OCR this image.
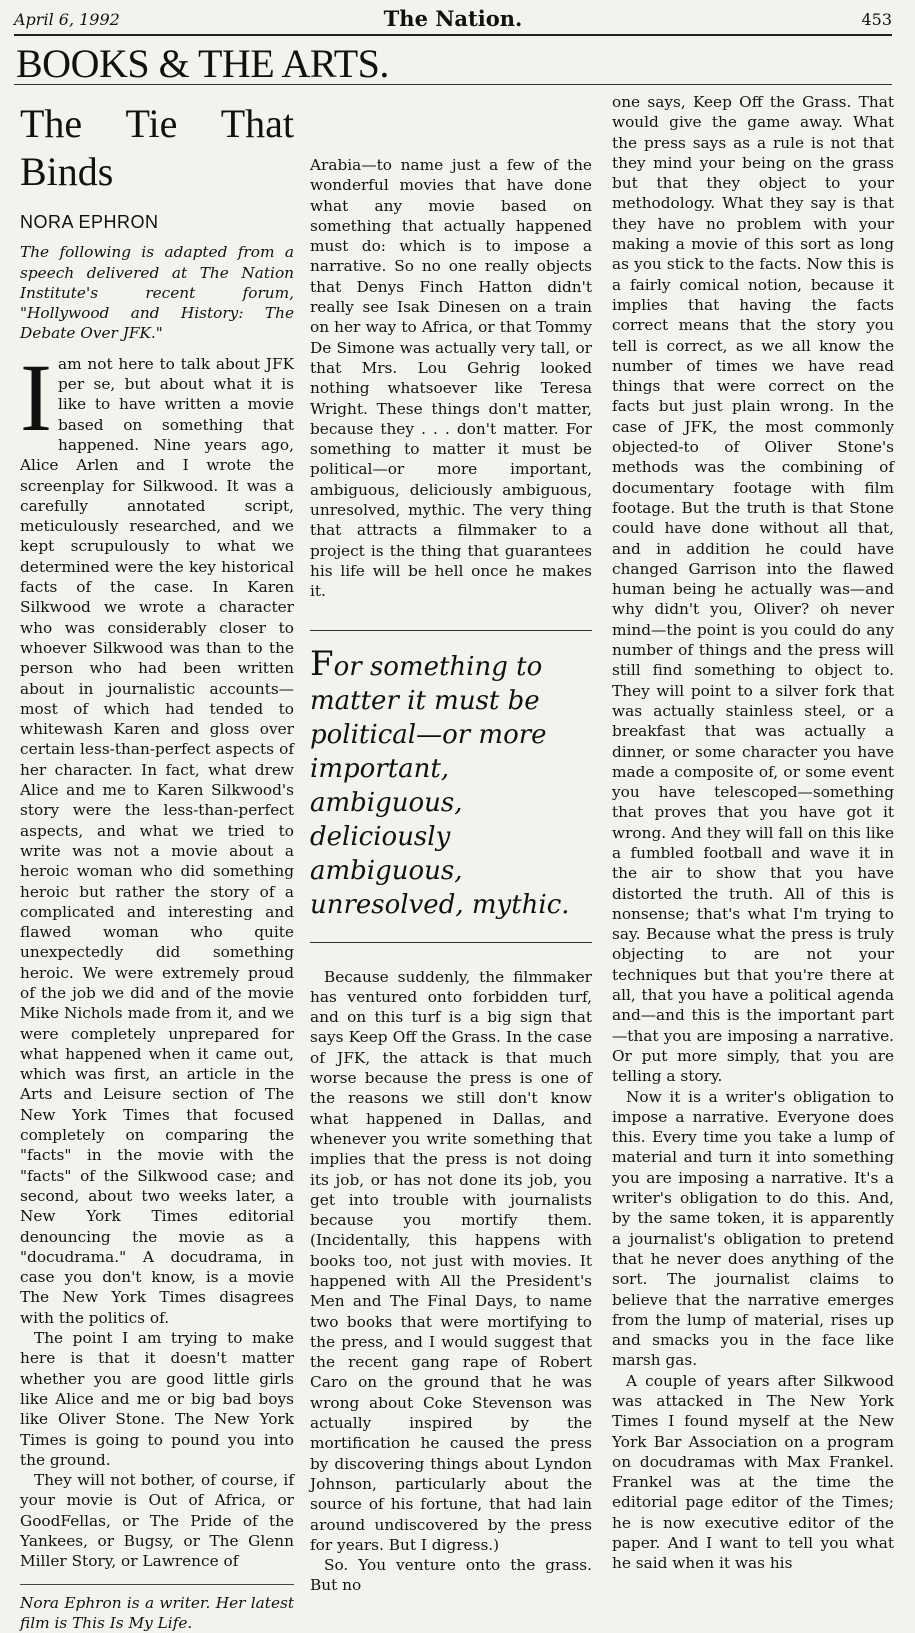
April 6, 1992	The Nation.	453
BOOKS & THE ARTS.
The Tie That Binds
NORA EPHRON
The following is adapted from a speech delivered at The Nation Institute's recent forum, "Hollywood and History: The Debate Over JFK."

Iam not here to talk about JFK per se, but about what it is like to have written a movie based on something that happened. Nine years ago, Alice Arlen and I wrote the screenplay for Silkwood. It was a carefully annotated script, meticulously researched, and we kept scrupulously to what we determined were the key historical facts of the case. In Karen Silkwood we wrote a character who was considerably closer to whoever Silkwood was than to the person who had been written about in journalistic accounts—most of which had tended to whitewash Karen and gloss over certain less-than-perfect aspects of her character. In fact, what drew Alice and me to Karen Silkwood's story were the less-than-perfect aspects, and what we tried to write was not a movie about a heroic woman who did something heroic but rather the story of a complicated and interesting and flawed woman who quite unexpectedly did something heroic. We were extremely proud of the job we did and of the movie Mike Nichols made from it, and we were completely unprepared for what happened when it came out, which was first, an article in the Arts and Leisure section of The New York Times that focused completely on comparing the "facts" in the movie with the "facts" of the Silkwood case; and second, about two weeks later, a New York Times editorial denouncing the movie as a "docudrama." A docudrama, in case you don't know, is a movie The New York Times disagrees with the politics of.

The point I am trying to make here is that it doesn't matter whether you are good little girls like Alice and me or big bad boys like Oliver Stone. The New York Times is going to pound you into the ground.

They will not bother, of course, if your movie is Out of Africa, or GoodFellas, or The Pride of the Yankees, or Bugsy, or The Glenn Miller Story, or Lawrence of

Nora Ephron is a writer. Her latest film is This Is My Life.

Arabia—to name just a few of the wonderful movies that have done what any movie based on something that actually happened must do: which is to impose a narrative. So no one really objects that Denys Finch Hatton didn't really see Isak Dinesen on a train on her way to Africa, or that Tommy De Simone was actually very tall, or that Mrs. Lou Gehrig looked nothing whatsoever like Teresa Wright. These things don't matter, because they . . . don't matter. For something to matter it must be political—or more important, ambiguous, deliciously ambiguous, unresolved, mythic. The very thing that attracts a filmmaker to a project is the thing that guarantees his life will be hell once he makes it.

For something to matter it must be political—or more important, ambiguous, deliciously ambiguous, unresolved, mythic.

Because suddenly, the filmmaker has ventured onto forbidden turf, and on this turf is a big sign that says Keep Off the Grass. In the case of JFK, the attack is that much worse because the press is one of the reasons we still don't know what happened in Dallas, and whenever you write something that implies that the press is not doing its job, or has not done its job, you get into trouble with journalists because you mortify them. (Incidentally, this happens with books too, not just with movies. It happened with All the President's Men and The Final Days, to name two books that were mortifying to the press, and I would suggest that the recent gang rape of Robert Caro on the ground that he was wrong about Coke Stevenson was actually inspired by the mortification he caused the press by discovering things about Lyndon Johnson, particularly about the source of his fortune, that had lain around undiscovered by the press for years. But I digress.)

So. You venture onto the grass. But no

one says, Keep Off the Grass. That would give the game away. What the press says as a rule is not that they mind your being on the grass but that they object to your methodology. What they say is that they have no problem with your making a movie of this sort as long as you stick to the facts. Now this is a fairly comical notion, because it implies that having the facts correct means that the story you tell is correct, as we all know the number of times we have read things that were correct on the facts but just plain wrong. In the case of JFK, the most commonly objected-to of Oliver Stone's methods was the combining of documentary footage with film footage. But the truth is that Stone could have done without all that, and in addition he could have changed Garrison into the flawed human being he actually was—and why didn't you, Oliver? oh never mind—the point is you could do any number of things and the press will still find something to object to. They will point to a silver fork that was actually stainless steel, or a breakfast that was actually a dinner, or some character you have made a composite of, or some event you have telescoped—something that proves that you have got it wrong. And they will fall on this like a fumbled football and wave it in the air to show that you have distorted the truth. All of this is nonsense; that's what I'm trying to say. Because what the press is truly objecting to are not your techniques but that you're there at all, that you have a political agenda and—and this is the important part—that you are imposing a narrative. Or put more simply, that you are telling a story.

Now it is a writer's obligation to impose a narrative. Everyone does this. Every time you take a lump of material and turn it into something you are imposing a narrative. It's a writer's obligation to do this. And, by the same token, it is apparently a journalist's obligation to pretend that he never does anything of the sort. The journalist claims to believe that the narrative emerges from the lump of material, rises up and smacks you in the face like marsh gas.

A couple of years after Silkwood was attacked in The New York Times I found myself at the New York Bar Association on a program on docudramas with Max Frankel. Frankel was at the time the editorial page editor of the Times; he is now executive editor of the paper. And I want to tell you what he said when it was his
